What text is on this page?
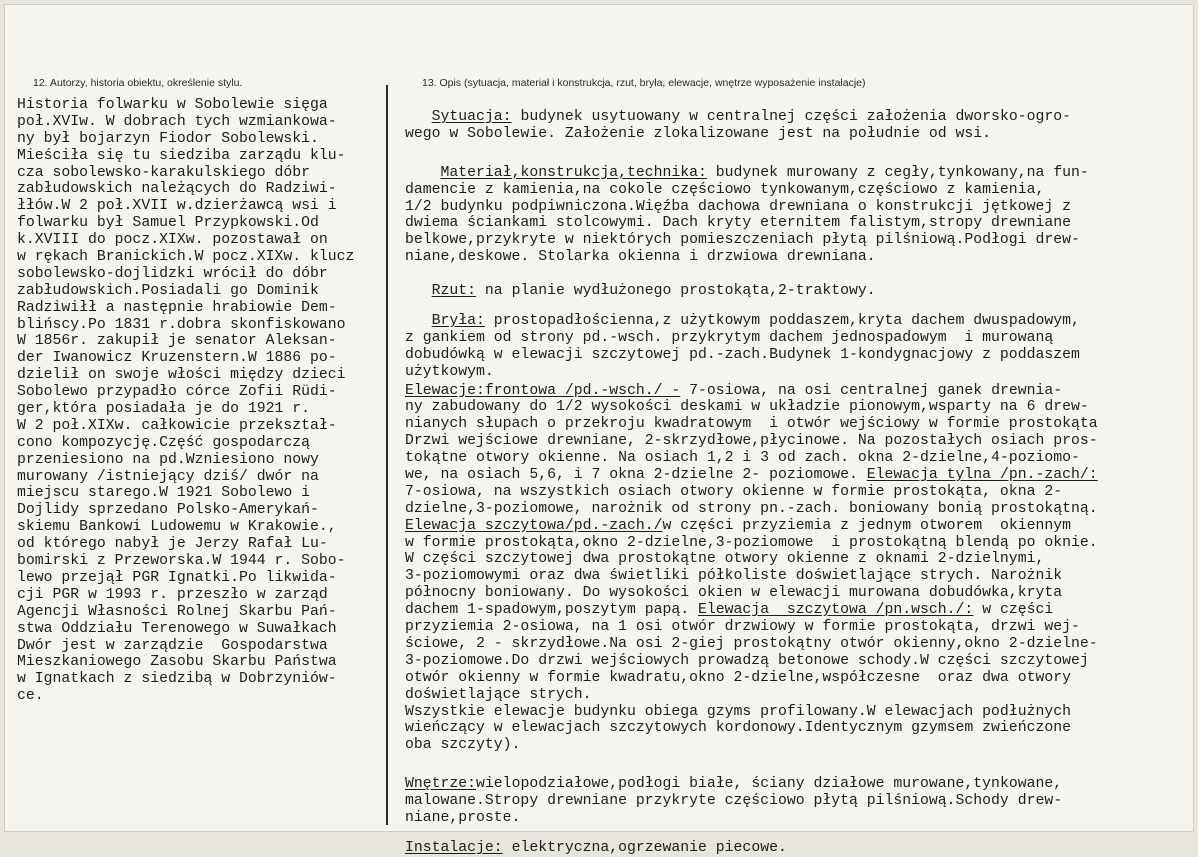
12. Autorzy, historia obiektu, określenie stylu.	13. Opis (sytuacja, materiał i konstrukcja, rzut, bryła, elewacje, wnętrze wyposażenie instalacje)
Historia folwarku w Sobolewie sięga
poł.XVIw. W dobrach tych wzmiankowa-
ny był bojarzyn Fiodor Sobolewski.
Mieściła się tu siedziba zarządu klu-
cza sobolewsko-karakulskiego dóbr
zabłudowskich należących do Radziwi-
łłów.W 2 poł.XVII w.dzierżawcą wsi i
folwarku był Samuel Przypkowski.Od
k.XVIII do pocz.XIXw. pozostawał on
w rękach Branickich.W pocz.XIXw. klucz
sobolewsko-dojlidzki wrócił do dóbr
zabłudowskich.Posiadali go Dominik
Radziwiłł a następnie hrabiowie Dem-
blińscy.Po 1831 r.dobra skonfiskowano
W 1856r. zakupił je senator Aleksan-
der Iwanowicz Kruzenstern.W 1886 po-
dzielił on swoje włości między dzieci
Sobolewo przypadło córce Zofii Rüdi-
ger,która posiadała je do 1921 r.
W 2 poł.XIXw. całkowicie przekształ-
cono kompozycję.Część gospodarczą
przeniesiono na pd.Wzniesiono nowy
murowany /istniejący dziś/ dwór na
miejscu starego.W 1921 Sobolewo i
Dojlidy sprzedano Polsko-Amerykań-
skiemu Bankowi Ludowemu w Krakowie.,
od którego nabył je Jerzy Rafał Lu-
bomirski z Przeworska.W 1944 r. Sobo-
lewo przejął PGR Ignatki.Po likwida-
cji PGR w 1993 r. przeszło w zarząd
Agencji Własności Rolnej Skarbu Pań-
stwa Oddziału Terenowego w Suwałkach
Dwór jest w zarządzie  Gospodarstwa
Mieszkaniowego Zasobu Skarbu Państwa
w Ignatkach z siedzibą w Dobrzyniów-
ce.
Sytuacja: budynek usytuowany w centralnej części założenia dworsko-ogro-
wego w Sobolewie. Założenie zlokalizowane jest na południe od wsi.
Materiał,konstrukcja,technika: budynek murowany z cegły,tynkowany,na fun-
damencie z kamienia,na cokole częściowo tynkowanym,częściowo z kamienia,
1/2 budynku podpiwniczona.Więźba dachowa drewniana o konstrukcji jętkowej z
dwiema ściankami stolcowymi. Dach kryty eternitem falistym,stropy drewniane
belkowe,przykryte w niektórych pomieszczeniach płytą pilśniową.Podłogi drew-
niane,deskowe. Stolarka okienna i drzwiowa drewniana.
Rzut: na planie wydłużonego prostokąta,2-traktowy.
Bryła: prostopadłościenna,z użytkowym poddaszem,kryta dachem dwuspadowym,
z gankiem od strony pd.-wsch. przykrytym dachem jednospadowym  i murowaną
dobudówką w elewacji szczytowej pd.-zach.Budynek 1-kondygnacjowy z poddaszem
użytkowym.
Elewacje:frontowa /pd.-wsch./ - 7-osiowa, na osi centralnej ganek drewnia-
ny zabudowany do 1/2 wysokości deskami w układzie pionowym,wsparty na 6 drew-
nianych słupach o przekroju kwadratowym  i otwór wejściowy w formie prostokąta
Drzwi wejściowe drewniane, 2-skrzydłowe,płycinowe. Na pozostałych osiach pros-
tokątne otwory okienne. Na osiach 1,2 i 3 od zach. okna 2-dzielne,4-poziomo-
we, na osiach 5,6, i 7 okna 2-dzielne 2- poziomowe. Elewacja tylna /pn.-zach/:
7-osiowa, na wszystkich osiach otwory okienne w formie prostokąta, okna 2-
dzielne,3-poziomowe, narożnik od strony pn.-zach. boniowany bonią prostokątną.
Elewacja szczytowa/pd.-zach./w części przyziemia z jednym otworem  okiennym
w formie prostokąta,okno 2-dzielne,3-poziomowe  i prostokątną blendą po oknie.
W części szczytowej dwa prostokątne otwory okienne z oknami 2-dzielnymi,
3-poziomowymi oraz dwa świetliki półkoliste doświetlające strych. Narożnik
północny boniowany. Do wysokości okien w elewacji murowana dobudówka,kryta
dachem 1-spadowym,poszytym papą. Elewacja  szczytowa /pn.wsch./: w części
przyziemia 2-osiowa, na 1 osi otwór drzwiowy w formie prostokąta, drzwi wej-
ściowe, 2 - skrzydłowe.Na osi 2-giej prostokątny otwór okienny,okno 2-dzielne-
3-poziomowe.Do drzwi wejściowych prowadzą betonowe schody.W części szczytowej
otwór okienny w formie kwadratu,okno 2-dzielne,współczesne  oraz dwa otwory
doświetlające strych.
Wszystkie elewacje budynku obiega gzyms profilowany.W elewacjach podłużnych
wieńczący w elewacjach szczytowych kordonowy.Identycznym gzymsem zwieńczone
oba szczyty).
Wnętrze:wielopodziałowe,podłogi białe, ściany działowe murowane,tynkowane,
malowane.Stropy drewniane przykryte częściowo płytą pilśniową.Schody drew-
niane,proste.
Instalacje: elektryczna,ogrzewanie piecowe.
